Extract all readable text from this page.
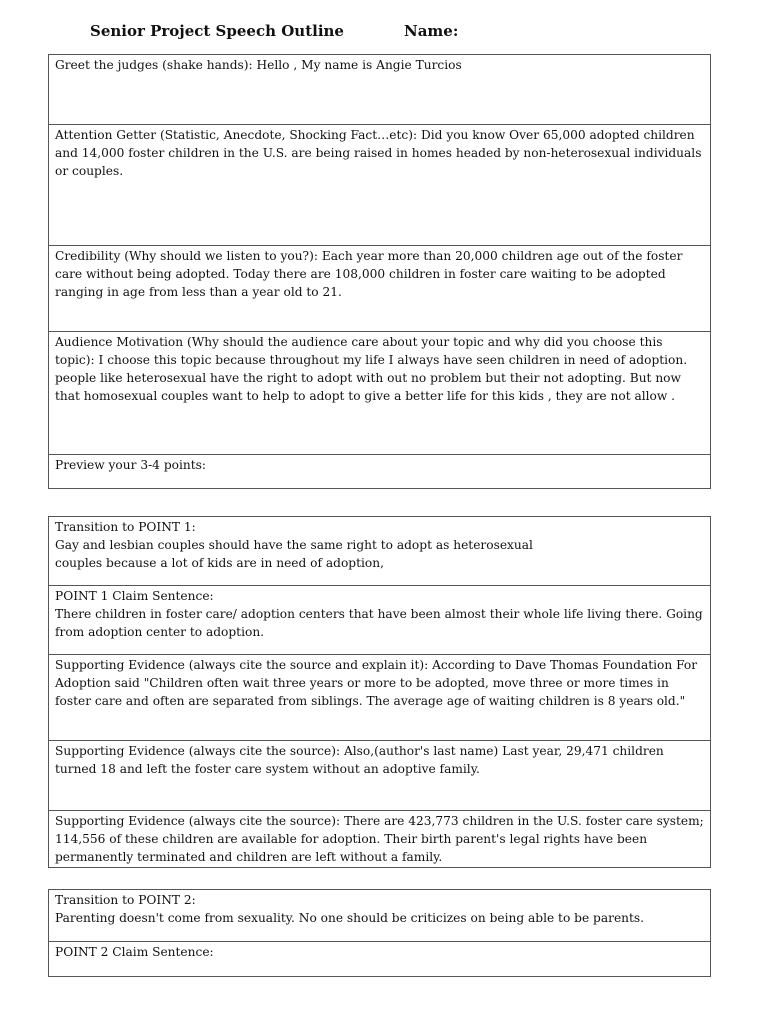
Senior Project Speech Outline	Name:
Greet the judges (shake hands): Hello , My name is Angie Turcios
Attention Getter (Statistic, Anecdote, Shocking Fact…etc): Did you know Over 65,000 adopted children and 14,000 foster children in the U.S. are being raised in homes headed by non-heterosexual individuals or couples.
Credibility (Why should we listen to you?): Each year more than 20,000 children age out of the foster care without being adopted. Today there are 108,000 children in foster care waiting to be adopted ranging in age from less than a year old to 21.
Audience Motivation (Why should the audience care about your topic and why did you choose this topic): I choose this topic because throughout my life I always have seen children in need of adoption. people like heterosexual have the right to adopt with out no problem but their not adopting. But now that homosexual couples want to help to adopt to give a better life for this kids , they are not allow .
Preview your 3-4 points:
Transition to POINT 1:
Gay and lesbian couples should have the same right to adopt as heterosexual
couples because a lot of kids are in need of adoption,

POINT 1 Claim Sentence:
There children in foster care/ adoption centers that have been almost their whole life living there. Going from adoption center to adoption.

Supporting Evidence (always cite the source and explain it): According to Dave Thomas Foundation For Adoption said "Children often wait three years or more to be adopted, move three or more times in foster care and often are separated from siblings. The average age of waiting children is 8 years old."
Supporting Evidence (always cite the source): Also,(author's last name) Last year, 29,471 children turned 18 and left the foster care system without an adoptive family.
Supporting Evidence (always cite the source): There are 423,773 children in the U.S. foster care system; 114,556 of these children are available for adoption. Their birth parent's legal rights have been permanently terminated and children are left without a family.
Transition to POINT 2:
Parenting doesn't come from sexuality. No one should be criticizes on being able to be parents.

POINT 2 Claim Sentence:
